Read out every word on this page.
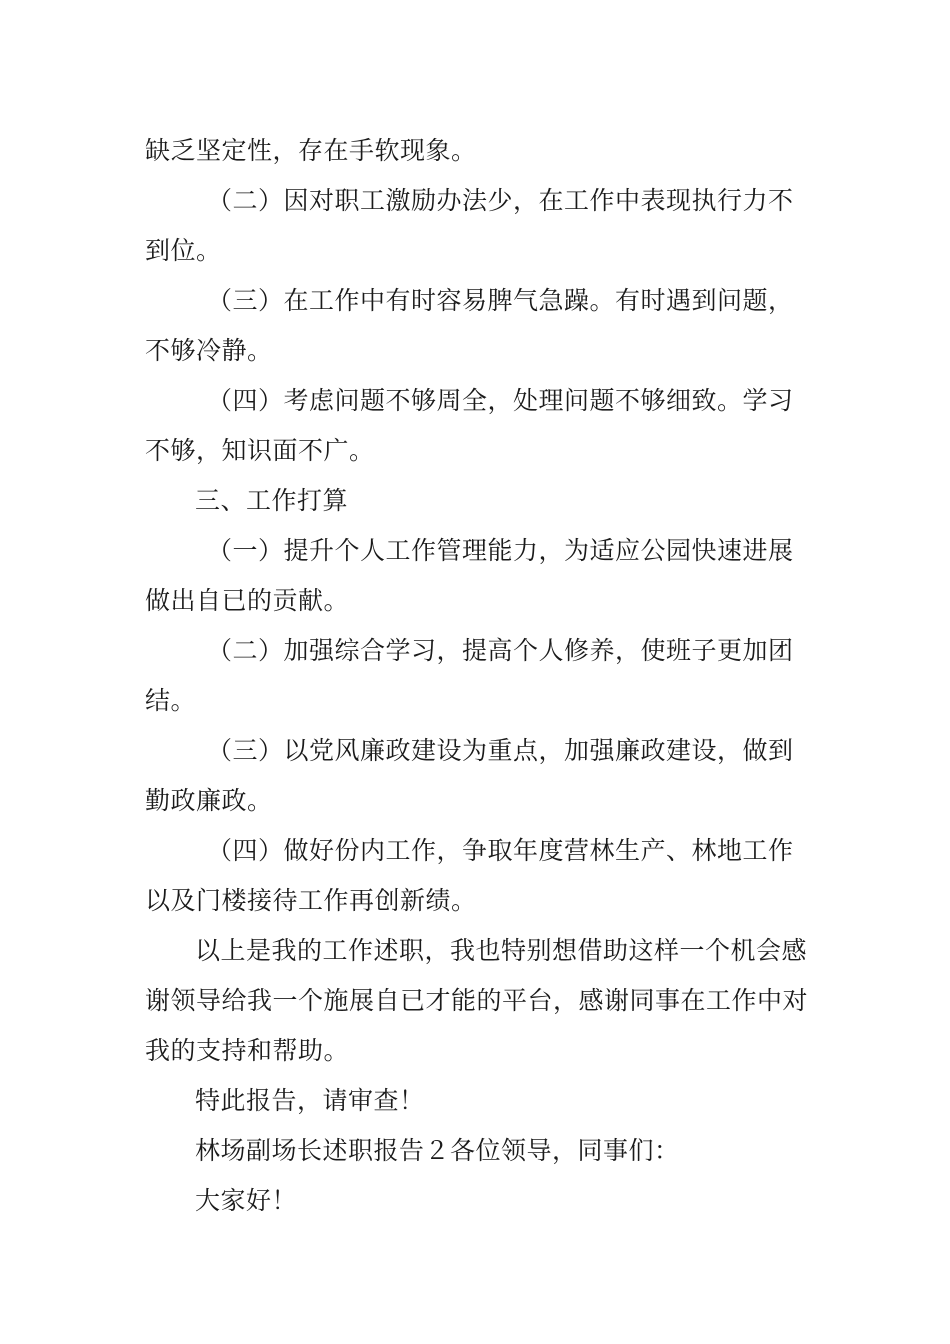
缺乏坚定性，存在手软现象。

（二）因对职工激励办法少，在工作中表现执行力不到位。

（三）在工作中有时容易脾气急躁。有时遇到问题，不够冷静。

（四）考虑问题不够周全，处理问题不够细致。学习不够，知识面不广。

三、工作打算

（一）提升个人工作管理能力，为适应公园快速进展做出自已的贡献。

（二）加强综合学习，提高个人修养，使班子更加团结。

（三）以党风廉政建设为重点，加强廉政建设，做到勤政廉政。

（四）做好份内工作，争取年度营林生产、林地工作以及门楼接待工作再创新绩。

以上是我的工作述职，我也特别想借助这样一个机会感谢领导给我一个施展自已才能的平台，感谢同事在工作中对我的支持和帮助。

特此报告，请审查！

林场副场长述职报告２各位领导，同事们：

大家好！
